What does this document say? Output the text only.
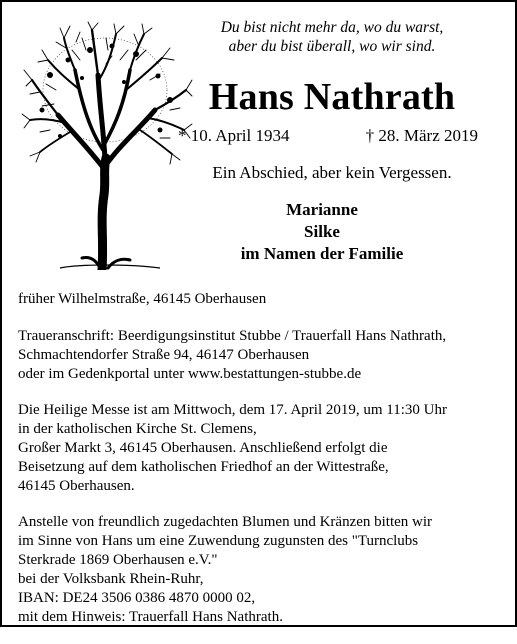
Du bist nicht mehr da, wo du warst,
aber du bist überall, wo wir sind.
Hans Nathrath
* 10. April 1934	† 28. März 2019
Ein Abschied, aber kein Vergessen.
Marianne
Silke
im Namen der Familie

früher Wilhelmstraße, 46145 Oberhausen

Traueranschrift: Beerdigungsinstitut Stubbe / Trauerfall Hans Nathrath,
Schmachtendorfer Straße 94, 46147 Oberhausen
oder im Gedenkportal unter www.bestattungen-stubbe.de

Die Heilige Messe ist am Mittwoch, dem 17. April 2019, um 11:30 Uhr
in der katholischen Kirche St. Clemens,
Großer Markt 3, 46145 Oberhausen. Anschließend erfolgt die
Beisetzung auf dem katholischen Friedhof an der Wittestraße,
46145 Oberhausen.

Anstelle von freundlich zugedachten Blumen und Kränzen bitten wir
im Sinne von Hans um eine Zuwendung zugunsten des "Turnclubs
Sterkrade 1869 Oberhausen e.V."
bei der Volksbank Rhein-Ruhr,
IBAN: DE24 3506 0386 4870 0000 02,
mit dem Hinweis: Trauerfall Hans Nathrath.
